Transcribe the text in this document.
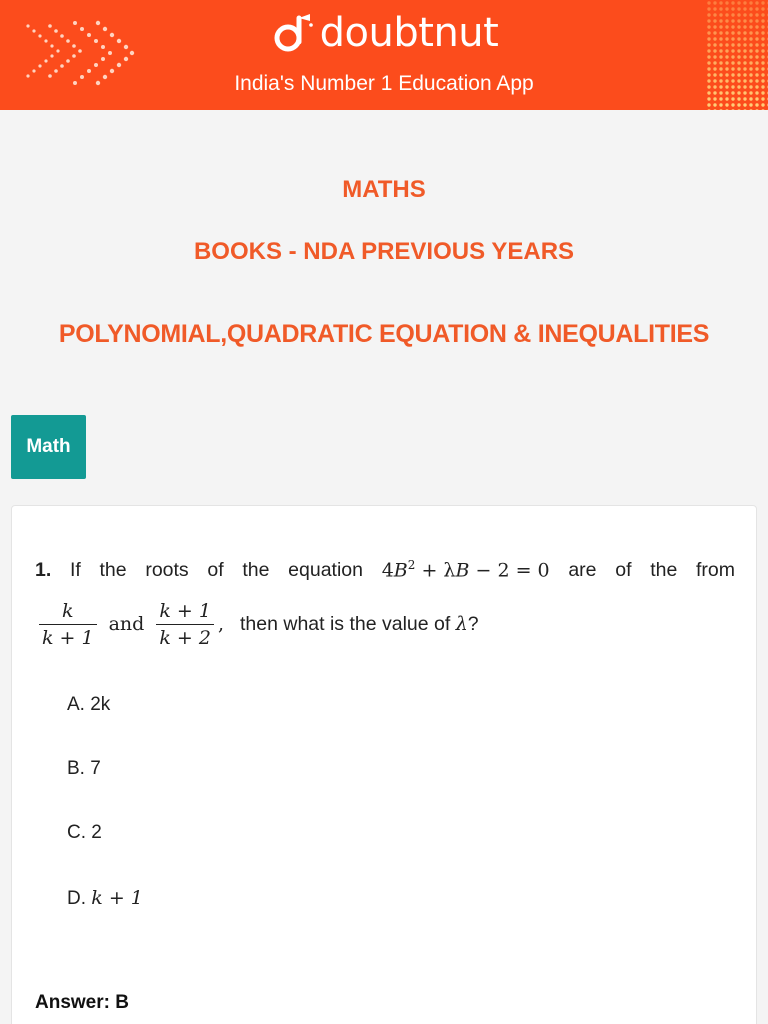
doubtnut
India's Number 1 Education App
MATHS
BOOKS - NDA PREVIOUS YEARS
POLYNOMIAL,QUADRATIC EQUATION & INEQUALITIES
Math
1. If the roots of the equation $4B^2 + \lambda B - 2 = 0$ are of the from
$\frac{k}{k + 1}$ and $\frac{k + 1}{k + 2}$ , then what is the value of
λ ?
A. 2k
B. 7
C. 2
D. k + 1
Answer: B
